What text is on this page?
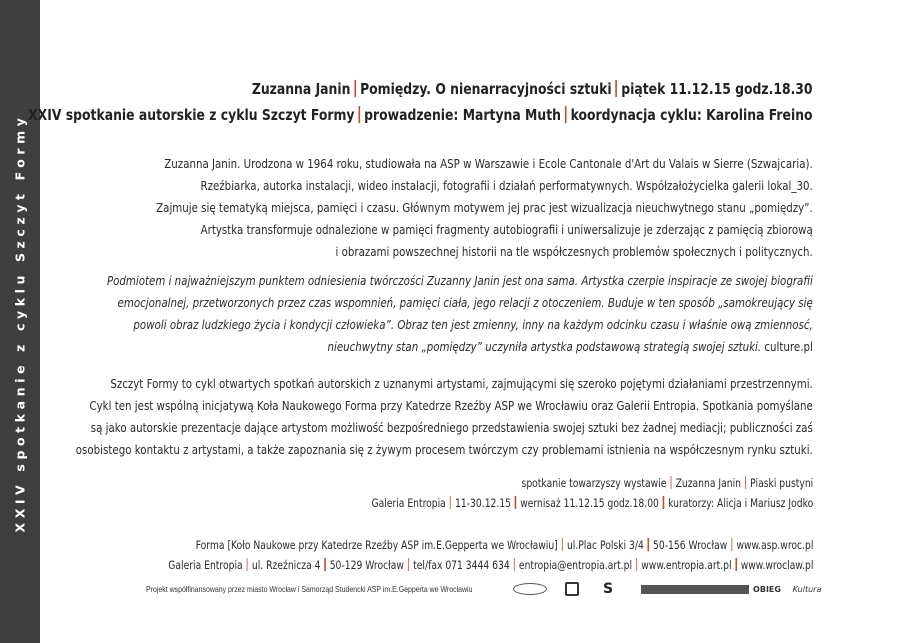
XXIV spotkanie z cyklu Szczyt Formy
Zuzanna Janin Pomiędzy. O nienarracyjności sztuki piątek 11.12.15 godz.18.30
XXIV spotkanie autorskie z cyklu Szczyt Formy prowadzenie: Martyna Muth koordynacja cyklu: Karolina Freino
Zuzanna Janin. Urodzona w 1964 roku, studiowała na ASP w Warszawie i Ecole Cantonale d'Art du Valais w Sierre (Szwajcaria).
Rzeźbiarka, autorka instalacji, wideo instalacji, fotografii i działań performatywnych. Współzałożycielka galerii lokal_30.
Zajmuje się tematyką miejsca, pamięci i czasu. Głównym motywem jej prac jest wizualizacja nieuchwytnego stanu „pomiędzy”.
Artystka transformuje odnalezione w pamięci fragmenty autobiografii i uniwersalizuje je zderzając z pamięcią zbiorową
i obrazami powszechnej historii na tle współczesnych problemów społecznych i politycznych.
Podmiotem i najważniejszym punktem odniesienia twórczości Zuzanny Janin jest ona sama. Artystka czerpie inspiracje ze swojej biografii
emocjonalnej, przetworzonych przez czas wspomnień, pamięci ciała, jego relacji z otoczeniem. Buduje w ten sposób „samokreujący się
powoli obraz ludzkiego życia i kondycji człowieka”. Obraz ten jest zmienny, inny na każdym odcinku czasu i właśnie ową zmiennosć,
nieuchwytny stan „pomiędzy” uczyniła artystka podstawową strategią swojej sztuki. culture.pl
Szczyt Formy to cykl otwartych spotkań autorskich z uznanymi artystami, zajmującymi się szeroko pojętymi działaniami przestrzennymi.
Cykl ten jest wspólną inicjatywą Koła Naukowego Forma przy Katedrze Rzeźby ASP we Wrocławiu oraz Galerii Entropia. Spotkania pomyślane
są jako autorskie prezentacje dające artystom możliwość bezpośredniego przedstawienia swojej sztuki bez żadnej mediacji; publiczności zaś
osobistego kontaktu z artystami, a także zapoznania się z żywym procesem twórczym czy problemami istnienia na współczesnym rynku sztuki.
spotkanie towarzyszy wystawie Zuzanna Janin Piaski pustyni
Galeria Entropia 11-30.12.15 wernisaż 11.12.15 godz.18.00 kuratorzy: Alicja i Mariusz Jodko
Forma [Koło Naukowe przy Katedrze Rzeźby ASP im.E.Gepperta we Wrocławiu] ul.Plac Polski 3/4 50-156 Wrocław www.asp.wroc.pl
Galeria Entropia ul. Rzeźnicza 4 50-129 Wrocław tel/fax 071 3444 634 entropia@entropia.art.pl www.entropia.art.pl www.wroclaw.pl
Projekt współfinansowany przez miasto Wrocław i Samorząd Studencki ASP im.E.Gepperta we Wrocławiu	S	OBIEG Kultura
